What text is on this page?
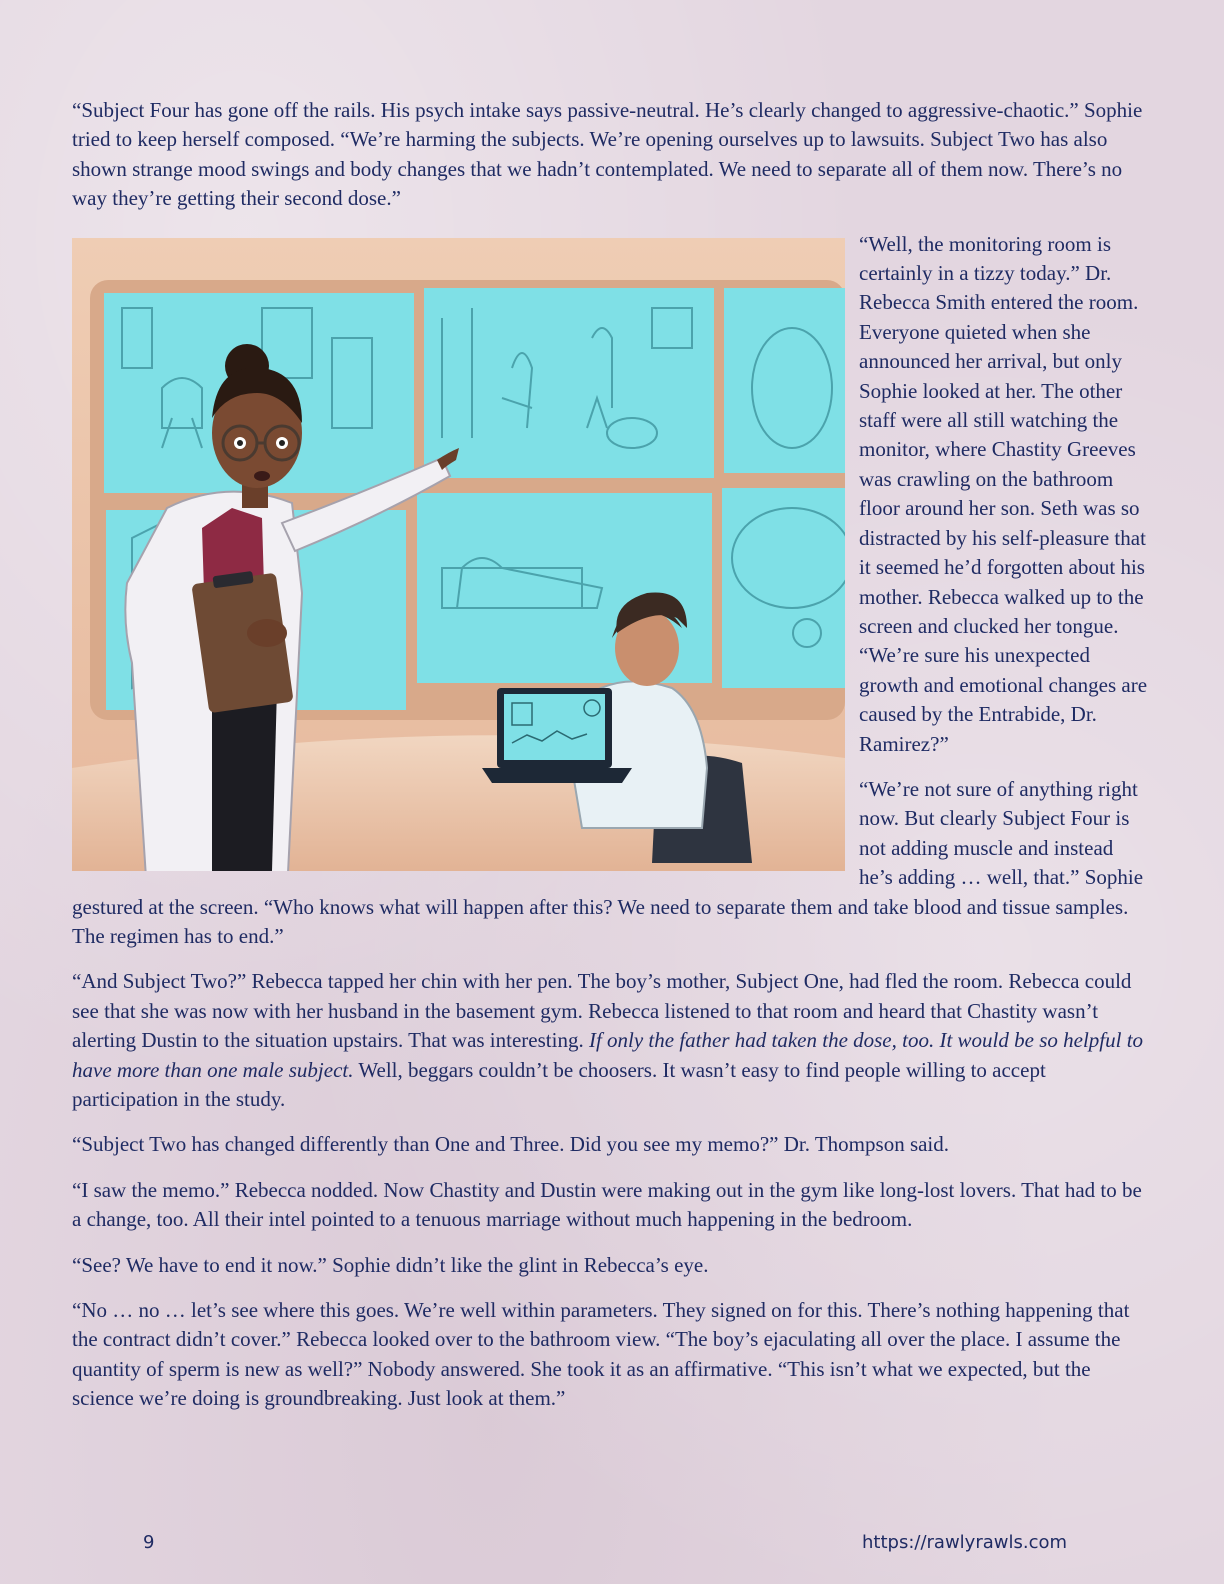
“Subject Four has gone off the rails. His psych intake says passive-neutral. He’s clearly changed to aggressive-chaotic.” Sophie tried to keep herself composed. “We’re harming the subjects. We’re opening ourselves up to lawsuits. Subject Two has also shown strange mood swings and body changes that we hadn’t contemplated. We need to separate all of them now. There’s no way they’re getting their second dose.”

“Well, the monitoring room is certainly in a tizzy today.” Dr. Rebecca Smith entered the room. Everyone quieted when she announced her arrival, but only Sophie looked at her. The other staff were all still watching the monitor, where Chastity Greeves was crawling on the bathroom floor around her son. Seth was so distracted by his self-pleasure that it seemed he’d forgotten about his mother. Rebecca walked up to the screen and clucked her tongue. “We’re sure his unexpected growth and emotional changes are caused by the Entrabide, Dr. Ramirez?”

“We’re not sure of anything right now. But clearly Subject Four is not adding muscle and instead he’s adding … well, that.” Sophie gestured at the screen. “Who knows what will happen after this? We need to separate them and take blood and tissue samples. The regimen has to end.”

“And Subject Two?” Rebecca tapped her chin with her pen. The boy’s mother, Subject One, had fled the room. Rebecca could see that she was now with her husband in the basement gym. Rebecca listened to that room and heard that Chastity wasn’t alerting Dustin to the situation upstairs. That was interesting. If only the father had taken the dose, too. It would be so helpful to have more than one male subject. Well, beggars couldn’t be choosers. It wasn’t easy to find people willing to accept participation in the study.

“Subject Two has changed differently than One and Three. Did you see my memo?” Dr. Thompson said.

“I saw the memo.” Rebecca nodded. Now Chastity and Dustin were making out in the gym like long-lost lovers. That had to be a change, too. All their intel pointed to a tenuous marriage without much happening in the bedroom.

“See? We have to end it now.” Sophie didn’t like the glint in Rebecca’s eye.

“No … no … let’s see where this goes. We’re well within parameters. They signed on for this. There’s nothing happening that the contract didn’t cover.” Rebecca looked over to the bathroom view. “The boy’s ejaculating all over the place. I assume the quantity of sperm is new as well?” Nobody answered. She took it as an affirmative. “This isn’t what we expected, but the science we’re doing is groundbreaking. Just look at them.”

9	https://rawlyrawls.com
